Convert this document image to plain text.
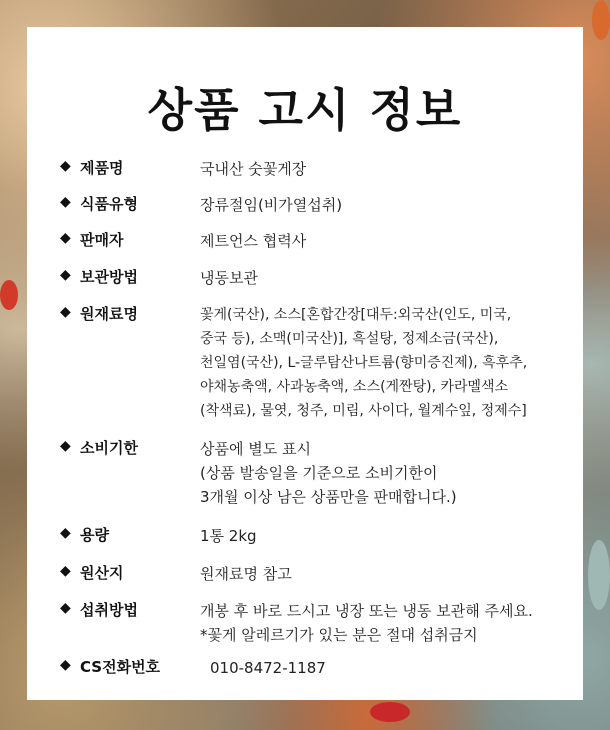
상품 고시 정보
◆ 제품명	국내산 숫꽃게장
◆ 식품유형	장류절임(비가열섭취)
◆ 판매자	제트언스 협력사
◆ 보관방법	냉동보관
◆ 원재료명	꽃게(국산), 소스[혼합간장[대두:외국산(인도, 미국,
중국 등), 소맥(미국산)], 흑설탕, 정제소금(국산),
천일염(국산), L-글루탐산나트륨(향미증진제), 흑후추,
야채농축액, 사과농축액, 소스(게짠탕), 카라멜색소
(착색료), 물엿, 청주, 미림, 사이다, 월계수잎, 정제수]
◆ 소비기한	상품에 별도 표시
(상품 발송일을 기준으로 소비기한이
3개월 이상 남은 상품만을 판매합니다.)
◆ 용량	1통 2kg
◆ 원산지	원재료명 참고
◆ 섭취방법	개봉 후 바로 드시고 냉장 또는 냉동 보관해 주세요.
*꽃게 알레르기가 있는 분은 절대 섭취금지
◆ CS전화번호	010-8472-1187
